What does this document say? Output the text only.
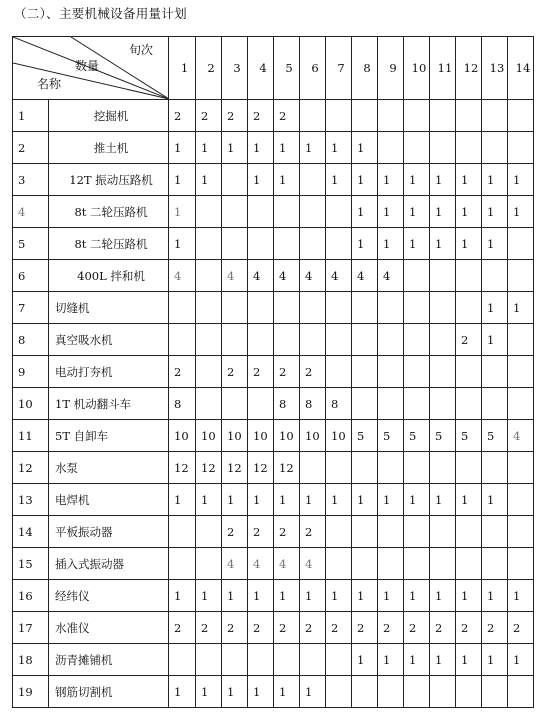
（二）、主要机械设备用量计划
旬次
数量
名称		1	2	3	4	5	6	7	8	9	10	11	12	13	14
1	挖掘机	2	2	2	2	2									
2	推土机	1	1	1	1	1	1	1	1						
3	12T 振动压路机	1	1		1	1		1	1	1	1	1	1	1	1
4	8t 二轮压路机	1							1	1	1	1	1	1	1
5	8t 二轮压路机	1							1	1	1	1	1	1	
6	400L 拌和机	4		4	4	4	4	4	4	4					
7	切缝机													1	1
8	真空吸水机												2	1	
9	电动打夯机	2		2	2	2	2								
10	1T 机动翻斗车	8				8	8	8							
11	5T 自卸车	10	10	10	10	10	10	10	5	5	5	5	5	5	4
12	水泵	12	12	12	12	12									
13	电焊机	1	1	1	1	1	1	1	1	1	1	1	1	1	
14	平板振动器			2	2	2	2								
15	插入式振动器			4	4	4	4								
16	经纬仪	1	1	1	1	1	1	1	1	1	1	1	1	1	1
17	水准仪	2	2	2	2	2	2	2	2	2	2	2	2	2	2
18	沥青摊铺机								1	1	1	1	1	1	1
19	钢筋切割机	1	1	1	1	1	1								
